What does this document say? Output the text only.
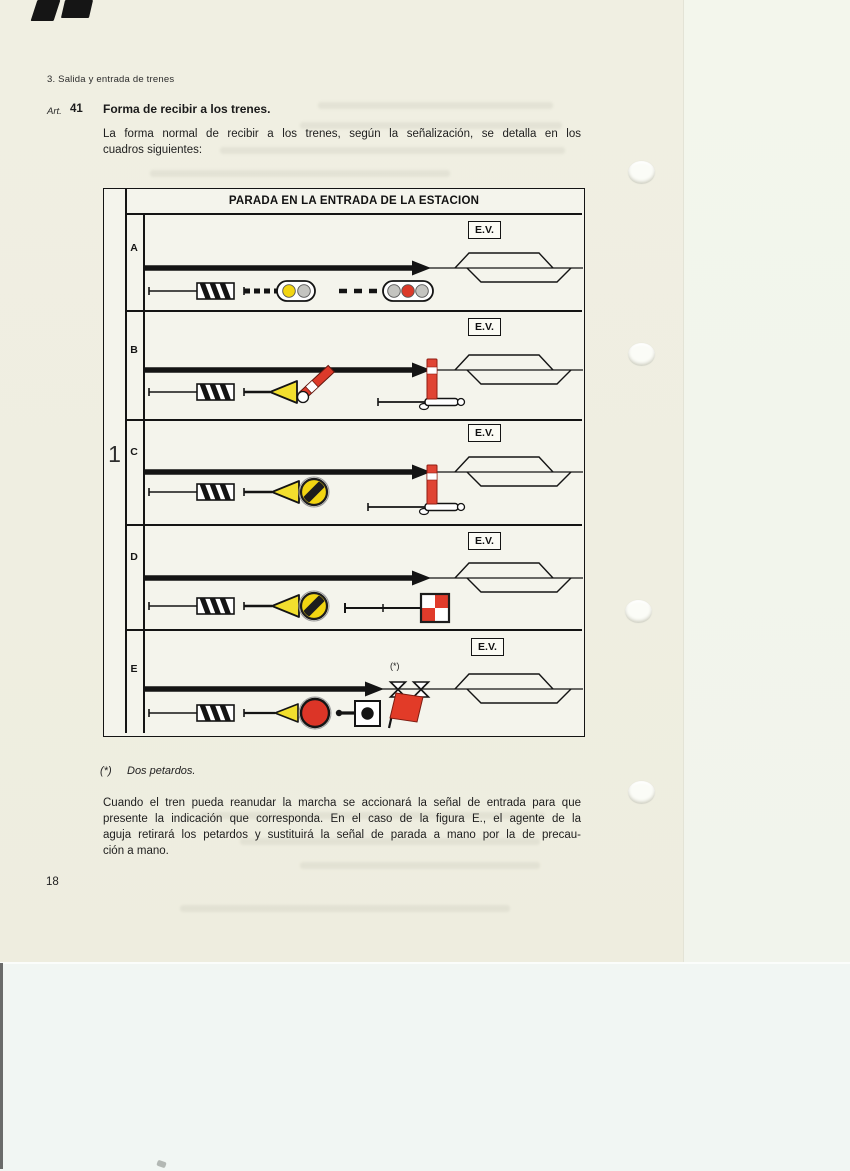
3. Salida y entrada de trenes
Art. 41 Forma de recibir a los trenes.
La forma normal de recibir a los trenes, según la señalización, se detalla en los
cuadros siguientes:
PARADA EN LA ENTRADA DE LA ESTACION
1
A
E.V.
B
E.V.
C
E.V.
D
E.V.
E
E.V.
(*)
(*) Dos petardos.
Cuando el tren pueda reanudar la marcha se accionará la señal de entrada para que
presente la indicación que corresponda. En el caso de la figura E., el agente de la
aguja retirará los petardos y sustituirá la señal de parada a mano por la de precau-
ción a mano.
18
